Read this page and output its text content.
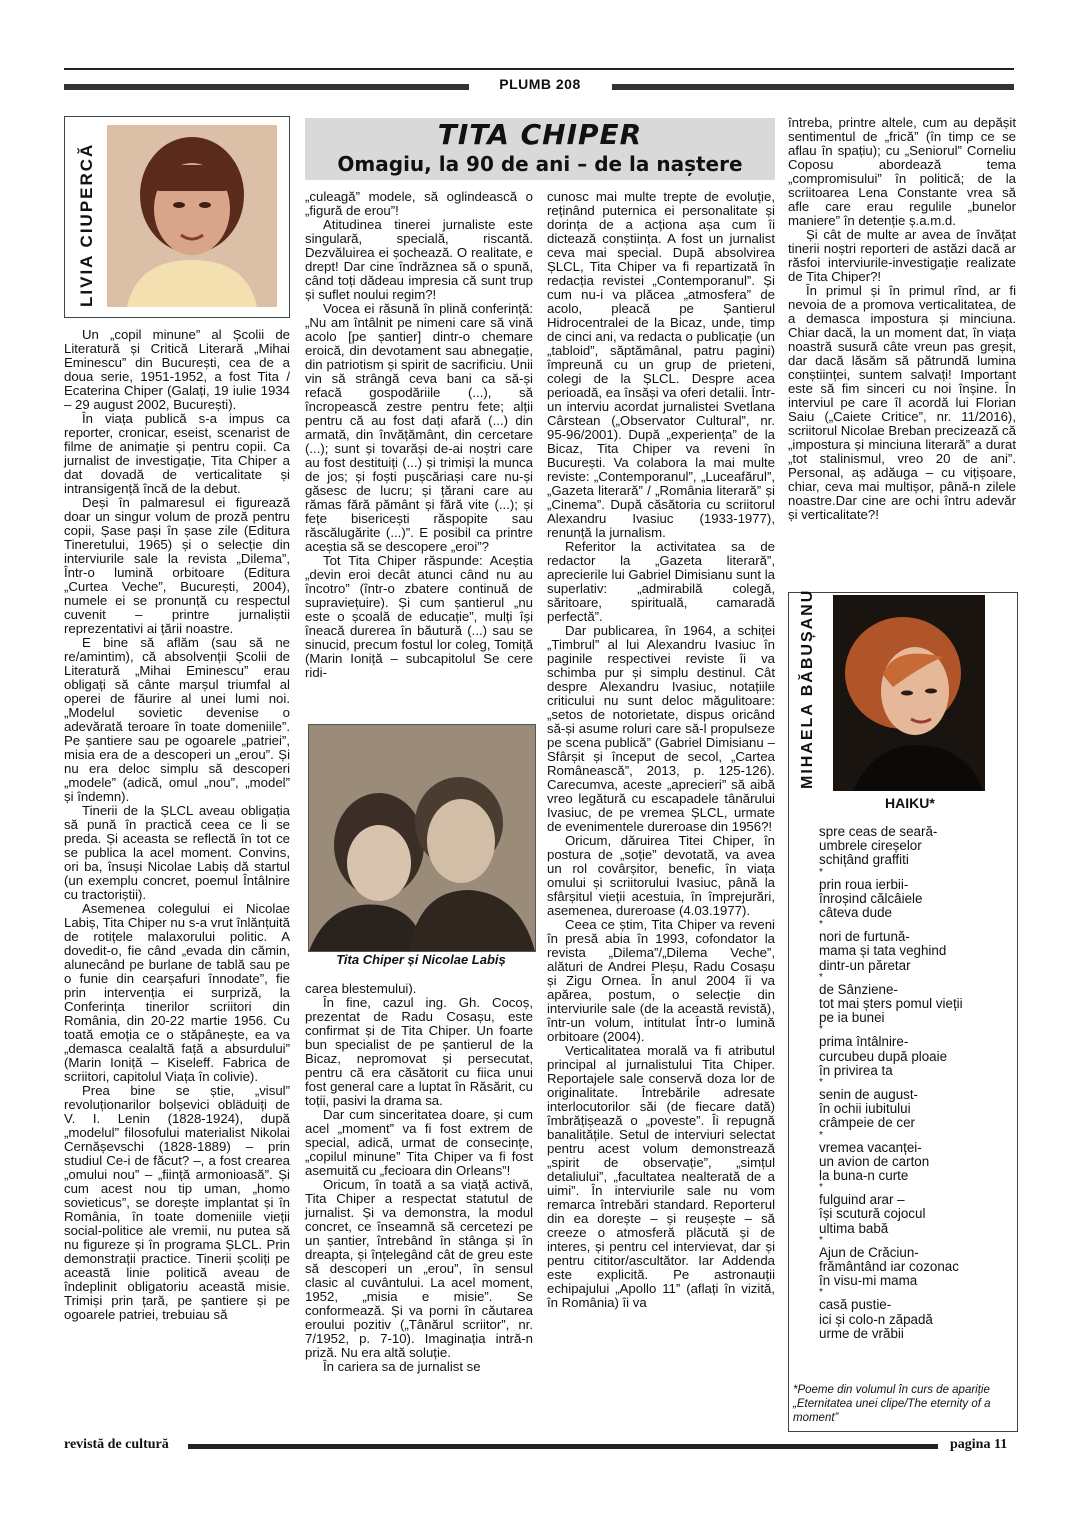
PLUMB 208
LIVIA CIUPERCĂ
TITA CHIPER
Omagiu, la 90 de ani – de la naștere

Un „copil minune” al Școlii de Literatură și Critică Literară „Mihai Eminescu” din București, cea de a doua serie, 1951-1952, a fost Tita / Ecaterina Chiper (Galați, 19 iulie 1934 – 29 august 2002, București).

În viața publică s-a impus ca reporter, cronicar, eseist, scenarist de filme de animație și pentru copii. Ca jurnalist de investigație, Tita Chiper a dat dovadă de verticalitate și intransigență încă de la debut.

Deși în palmaresul ei figurează doar un singur volum de proză pentru copii, Șase pași în șase zile (Editura Tineretului, 1965) și o selecție din interviurile sale la revista „Dilema”, Într-o lumină orbitoare (Editura „Curtea Veche”, București, 2004), numele ei se pronunță cu respectul cuvenit – printre jurnaliștii reprezentativi ai țării noastre.

E bine să aflăm (sau să ne re/amintim), că absolvenții Școlii de Literatură „Mihai Eminescu” erau obligați să cânte marșul triumfal al operei de făurire al unei lumi noi. „Modelul sovietic devenise o adevărată teroare în toate domeniile”. Pe șantiere sau pe ogoarele „patriei”, misia era de a descoperi un „erou”. Și nu era deloc simplu să descoperi „modele” (adică, omul „nou”, „model” și îndemn).

Tinerii de la ȘLCL aveau obligația să pună în practică ceea ce li se preda. Și aceasta se reflectă în tot ce se publica la acel moment. Convins, ori ba, însuși Nicolae Labiș dă startul (un exemplu concret, poemul Întâlnire cu tractoriștii).

Asemenea colegului ei Nicolae Labiș, Tita Chiper nu s-a vrut înlănțuită de rotițele malaxorului politic. A dovedit-o, fie când „evada din cămin, alunecând pe burlane de tablă sau pe o funie din cearșafuri înnodate”, fie prin intervenția ei surpriză, la Conferința tinerilor scriitori din România, din 20-22 martie 1956. Cu toată emoția ce o stăpânește, ea va „demasca cealaltă față a absurdului” (Marin Ioniță – Kiseleff. Fabrica de scriitori, capitolul Viața în colivie).

Prea bine se știe, „visul” revoluționarilor bolșevici obläduiți de V. I. Lenin (1828-1924), după „modelul” filosofului materialist Nikolai Cernășevschi (1828-1889) – prin studiul Ce-i de făcut? –, a fost crearea „omului nou” – „ființă armonioasă”. Și cum acest nou tip uman, „homo sovieticus”, se dorește implantat și în România, în toate domeniile vieții social-politice ale vremii, nu putea să nu figureze și în programa ȘLCL. Prin demonstrații practice. Tinerii școliți pe această linie politică aveau de îndeplinit obligatoriu această misie. Trimiși prin țară, pe șantiere și pe ogoarele patriei, trebuiau să

„culeagă” modele, să oglindească o „figură de erou”!

Atitudinea tinerei jurnaliste este singulară, specială, riscantă. Dezvăluirea ei șochează. O realitate, e drept! Dar cine îndrăznea să o spună, când toți dădeau impresia că sunt trup și suflet noului regim?!

Vocea ei răsună în plină conferință: „Nu am întâlnit pe nimeni care să vină acolo [pe șantier] dintr-o chemare eroică, din devotament sau abnegație, din patriotism și spirit de sacrificiu. Unii vin să strângă ceva bani ca să-și refacă gospodăriile (...), să încropească zestre pentru fete; alții pentru că au fost dați afară (...) din armată, din învățământ, din cercetare (...); sunt și tovarăși de-ai noștri care au fost destituiți (...) și trimiși la munca de jos; și foști pușcăriași care nu-și găsesc de lucru; și țărani care au rămas fără pământ și fără vite (...); și fețe bisericești răspopite sau răscălugărite (...)”. E posibil ca printre aceștia să se descopere „eroi”?

Tot Tita Chiper răspunde: Aceștia „devin eroi decât atunci când nu au încotro” (într-o zbatere continuă de supraviețuire). Și cum șantierul „nu este o școală de educație”, mulți își îneacă durerea în băutură (...) sau se sinucid, precum fostul lor coleg, Tomiță (Marin Ioniță – subcapitolul Se cere ridi-

Tita Chiper și Nicolae Labiș

carea blestemului).

În fine, cazul ing. Gh. Cocoș, prezentat de Radu Cosașu, este confirmat și de Tita Chiper. Un foarte bun specialist de pe șantierul de la Bicaz, nepromovat și persecutat, pentru că era căsătorit cu fiica unui fost general care a luptat în Răsărit, cu toții, pasivi la drama sa.

Dar cum sinceritatea doare, și cum acel „moment” va fi fost extrem de special, adică, urmat de consecințe, „copilul minune” Tita Chiper va fi fost asemuită cu „fecioara din Orleans”!

Oricum, în toată a sa viață activă, Tita Chiper a respectat statutul de jurnalist. Și va demonstra, la modul concret, ce înseamnă să cercetezi pe un șantier, întrebând în stânga și în dreapta, și înțelegând cât de greu este să descoperi un „erou”, în sensul clasic al cuvântului. La acel moment, 1952, „misia e misie”. Se conformează. Și va porni în căutarea eroului pozitiv („Tânărul scriitor”, nr. 7/1952, p. 7-10). Imaginația intră-n priză. Nu era altă soluție.

În cariera sa de jurnalist se

cunosc mai multe trepte de evoluție, reținând puternica ei personalitate și dorința de a acționa așa cum îi dictează conștiința. A fost un jurnalist ceva mai special. După absolvirea ȘLCL, Tita Chiper va fi repartizată în redacția revistei „Contemporanul”. Și cum nu-i va plăcea „atmosfera” de acolo, pleacă pe Șantierul Hidrocentralei de la Bicaz, unde, timp de cinci ani, va redacta o publicație (un „tabloid”, săptămânal, patru pagini) împreună cu un grup de prieteni, colegi de la ȘLCL. Despre acea perioadă, ea însăși va oferi detalii. Într-un interviu acordat jurnalistei Svetlana Cârstean („Observator Cultural”, nr. 95-96/2001). După „experiența” de la Bicaz, Tita Chiper va reveni în București. Va colabora la mai multe reviste: „Contemporanul”, „Luceafărul”, „Gazeta literară” / „România literară” și „Cinema”. După căsătoria cu scriitorul Alexandru Ivasiuc (1933-1977), renunță la jurnalism.

Referitor la activitatea sa de redactor la „Gazeta literară”, aprecierile lui Gabriel Dimisianu sunt la superlativ: „admirabilă colegă, săritoare, spirituală, camaradă perfectă”.

Dar publicarea, în 1964, a schiței „Timbrul” al lui Alexandru Ivasiuc în paginile respectivei reviste îi va schimba pur și simplu destinul. Cât despre Alexandru Ivasiuc, notațiile criticului nu sunt deloc măgulitoare: „setos de notorietate, dispus oricând să-și asume roluri care să-l propulseze pe scena publică” (Gabriel Dimisianu – Sfârșit și început de secol, „Cartea Românească”, 2013, p. 125-126). Carecumva, aceste „aprecieri” să aibă vreo legătură cu escapadele tânărului Ivasiuc, de pe vremea ȘLCL, urmate de evenimentele dureroase din 1956?!

Oricum, dăruirea Titei Chiper, în postura de „soție” devotată, va avea un rol covârșitor, benefic, în viața omului și scriitorului Ivasiuc, până la sfârșitul vieții acestuia, în împrejurări, asemenea, dureroase (4.03.1977).

Ceea ce știm, Tita Chiper va reveni în presă abia în 1993, cofondator la revista „Dilema”/„Dilema Veche”, alături de Andrei Pleșu, Radu Cosașu și Zigu Ornea. În anul 2004 îi va apărea, postum, o selecție din interviurile sale (de la această revistă), într-un volum, intitulat Într-o lumină orbitoare (2004).

Verticalitatea morală va fi atributul principal al jurnalistului Tita Chiper. Reportajele sale conservă doza lor de originalitate. Întrebările adresate interlocutorilor săi (de fiecare dată) îmbrățișează o „poveste”. Îi repugnă banalitățile. Setul de interviuri selectat pentru acest volum demonstrează „spirit de observație”, „simțul detaliului”, „facultatea nealterată de a uimi”. În interviurile sale nu vom remarca întrebări standard. Reporterul din ea dorește – și reușește – să creeze o atmosferă plăcută și de interes, și pentru cel intervievat, dar și pentru cititor/ascultător. Iar Addenda este explicită. Pe astronauții echipajului „Apollo 11” (aflați în vizită, în România) îi va

întreba, printre altele, cum au depășit sentimentul de „frică” (în timp ce se aflau în spațiu); cu „Seniorul” Corneliu Coposu abordează tema „compromisului” în politică; de la scriitoarea Lena Constante vrea să afle care erau regulile „bunelor maniere” în detenție ș.a.m.d.

Și cât de multe ar avea de învățat tinerii noștri reporteri de astăzi dacă ar răsfoi interviurile-investigație realizate de Tita Chiper?!

În primul și în primul rînd, ar fi nevoia de a promova verticalitatea, de a demasca impostura și minciuna. Chiar dacă, la un moment dat, în viața noastră susură câte vreun pas greșit, dar dacă lăsăm să pătrundă lumina conștiinței, suntem salvați! Important este să fim sinceri cu noi înșine. În interviul pe care îl acordă lui Florian Saiu („Caiete Critice”, nr. 11/2016), scriitorul Nicolae Breban precizează că „impostura și minciuna literară” a durat „tot stalinismul, vreo 20 de ani”. Personal, aș adăuga – cu vițișoare, chiar, ceva mai multișor, până-n zilele noastre.Dar cine are ochi întru adevăr și verticalitate?!

MIHAELA BĂBUȘANU
HAIKU*
spre ceas de seară-
umbrele cireșelor
schițând graffiti
*
prin roua ierbii-
înroșind călcâiele
câteva dude
*
nori de furtună-
mama și tata veghind
dintr-un păretar
*
de Sânziene-
tot mai șters pomul vieții
pe ia bunei
*
prima întâlnire-
curcubeu după ploaie
în privirea ta
*
senin de august-
în ochii iubitului
crâmpeie de cer
*
vremea vacanței-
un avion de carton
la buna-n curte
*
fulguind arar –
își scutură cojocul
ultima babă
*
Ajun de Crăciun-
frământând iar cozonac
în visu-mi mama
*
casă pustie-
ici și colo-n zăpadă
urme de vrăbii
*Poeme din volumul în curs de apariție „Eternitatea unei clipe/The eternity of a moment”
revistă de cultură	pagina 11
